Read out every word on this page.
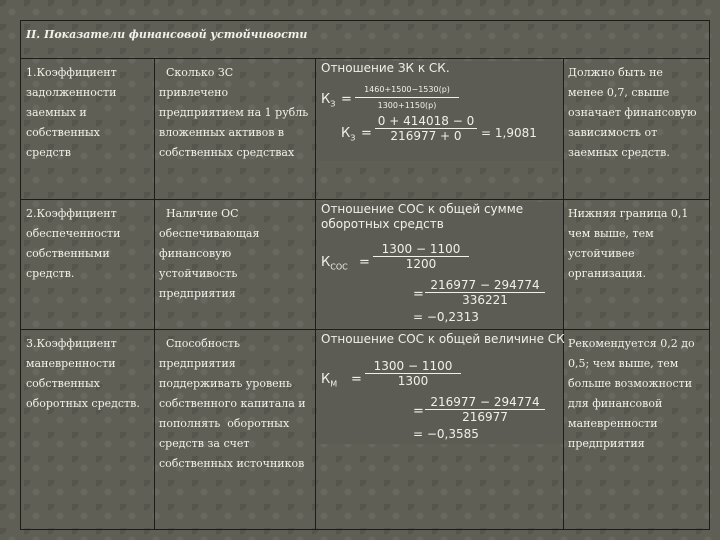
II. Показатели финансовой устойчивости
1.Коэффициент
задолженности
заемных и
собственных
средств
Сколько ЗС
привлечено
предприятием на 1 рубль
вложенных активов в
собственных средствах
Отношение ЗК к СК.
$К_З$ =
1460+1500−1530(р)
1300+1150(р)
$К_З = \frac{0 + 414018 - 0}{216977 + 0} = 1,9081$
Должно быть не
менее 0,7, свыше
означает финансовую
зависимость от
заемных средств.
2.Коэффициент
обеспеченности
собственными
средств.
Наличие ОС
обеспечивающая
финансовую
устойчивость
предприятия
Отношение СОС к общей сумме
оборотных средств
$К_{СОС} = \frac{1300 - 1100}{1200}$
= $\frac{216977 - 294774}{336221}$
= −0,2313
Нижняя граница 0,1
чем выше, тем
устойчивее
организация.
3.Коэффициент
маневренности
собственных
оборотных средств.
Способность
предприятия
поддерживать уровень
собственного капитала и
пополнять  оборотных
средств за счет
собственных источников
Отношение СОС к общей величине СК
$К_М = \frac{1300 - 1100}{1300}$
= $\frac{216977 - 294774}{216977}$
= −0,3585
Рекомендуется 0,2 до
0,5; чем выше, тем
больше возможности
для финансовой
маневренности
предприятия
